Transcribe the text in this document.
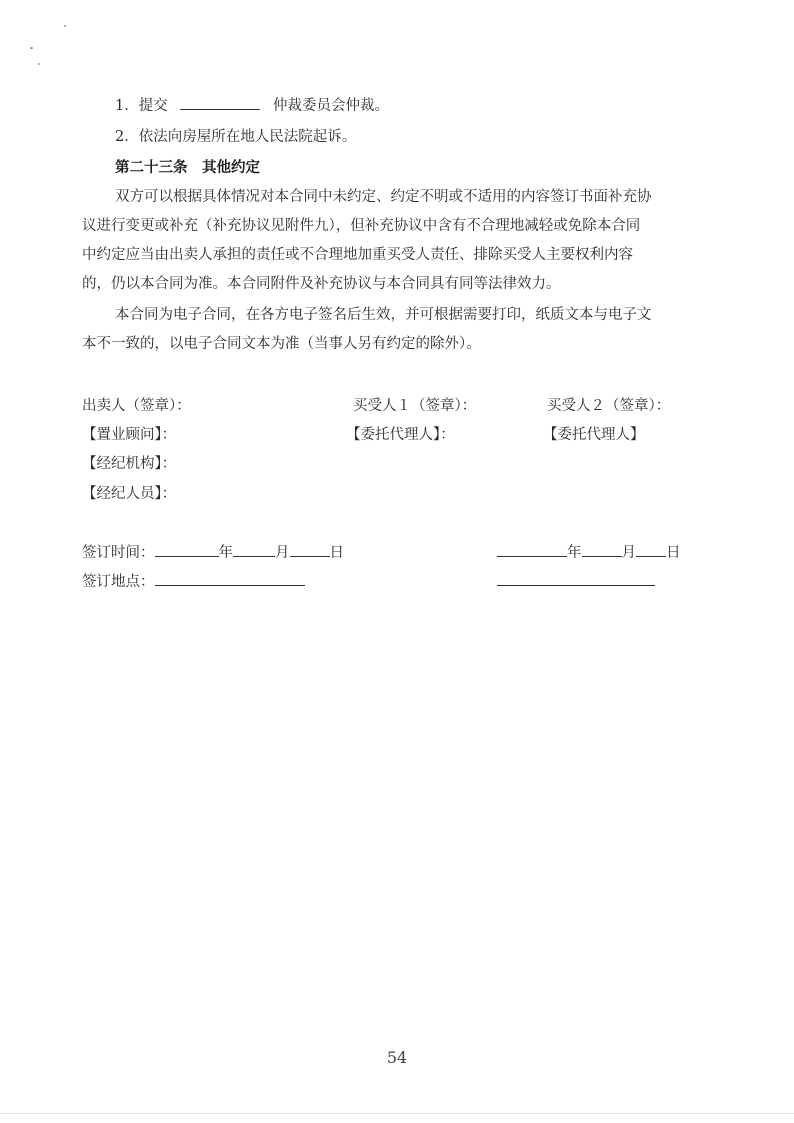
1．提交	仲裁委员会仲裁。
2．依法向房屋所在地人民法院起诉。
第二十三条　其他约定
双方可以根据具体情况对本合同中未约定、约定不明或不适用的内容签订书面补充协
议进行变更或补充（补充协议见附件九），但补充协议中含有不合理地减轻或免除本合同
中约定应当由出卖人承担的责任或不合理地加重买受人责任、排除买受人主要权利内容
的，仍以本合同为准。本合同附件及补充协议与本合同具有同等法律效力。
本合同为电子合同，在各方电子签名后生效，并可根据需要打印，纸质文本与电子文
本不一致的，以电子合同文本为准（当事人另有约定的除外）。
出卖人（签章）：	买受人１（签章）：	买受人２（签章）：
【置业顾问】：	【委托代理人】：	【委托代理人】
【经纪机构】：
【经纪人员】：
签订时间：	年	月	日	年	月 日
签订地点：
54
